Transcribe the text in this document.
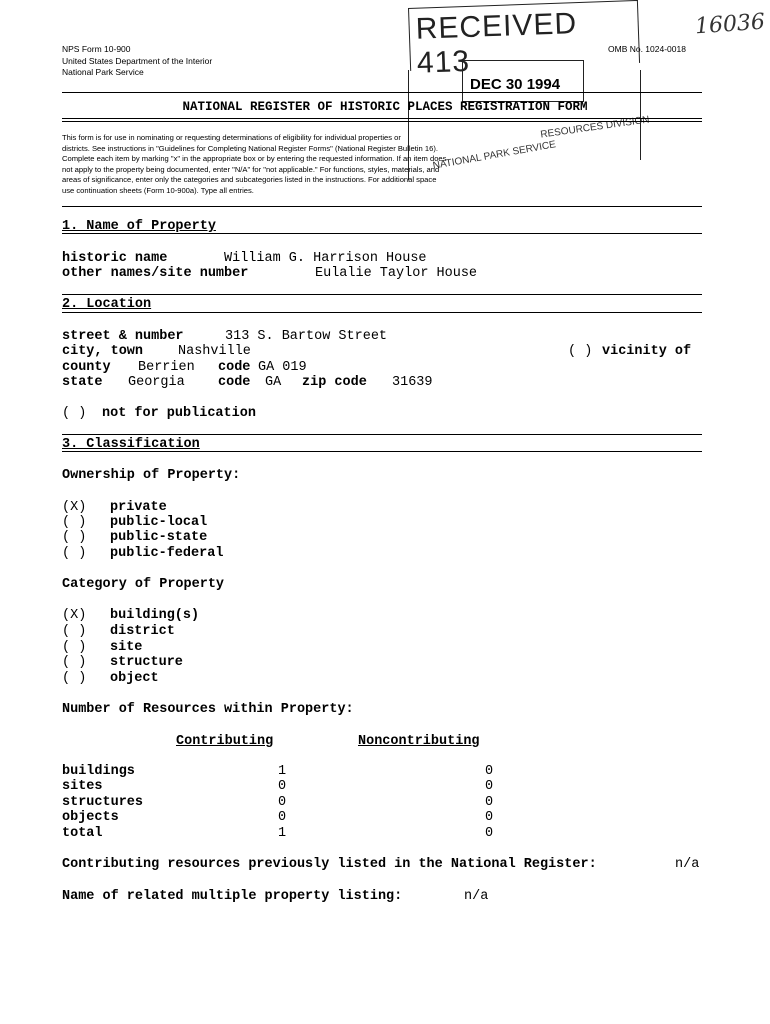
NPS Form 10-900
United States Department of the Interior
National Park Service
OMB No. 1024-0018
RECEIVED 413
DEC 30 1994
RESOURCES DIVISION
NATIONAL PARK SERVICE
16036
NATIONAL REGISTER OF HISTORIC PLACES REGISTRATION FORM
This form is for use in nominating or requesting determinations of eligibility for individual properties or
districts. See instructions in "Guidelines for Completing National Register Forms" (National Register Bulletin 16).
Complete each item by marking "x" in the appropriate box or by entering the requested information. If an item does
not apply to the property being documented, enter "N/A" for "not applicable." For functions, styles, materials, and
areas of significance, enter only the categories and subcategories listed in the instructions. For additional space
use continuation sheets (Form 10-900a). Type all entries.
1. Name of Property
historic name	William G. Harrison House
other names/site number	Eulalie Taylor House
2. Location
street & number	313 S. Bartow Street
city, town	Nashville	( ) vicinity of
county Berrien code GA 019
state Georgia code GA zip code 31639
( ) not for publication
3. Classification
Ownership of Property:
(X) private
( ) public-local
( ) public-state
( ) public-federal
Category of Property
(X) building(s)
( ) district
( ) site
( ) structure
( ) object
Number of Resources within Property:
Contributing	Noncontributing
buildings	1	0
sites	0	0
structures	0	0
objects	0	0
total	1	0
Contributing resources previously listed in the National Register:	n/a
Name of related multiple property listing:	n/a
